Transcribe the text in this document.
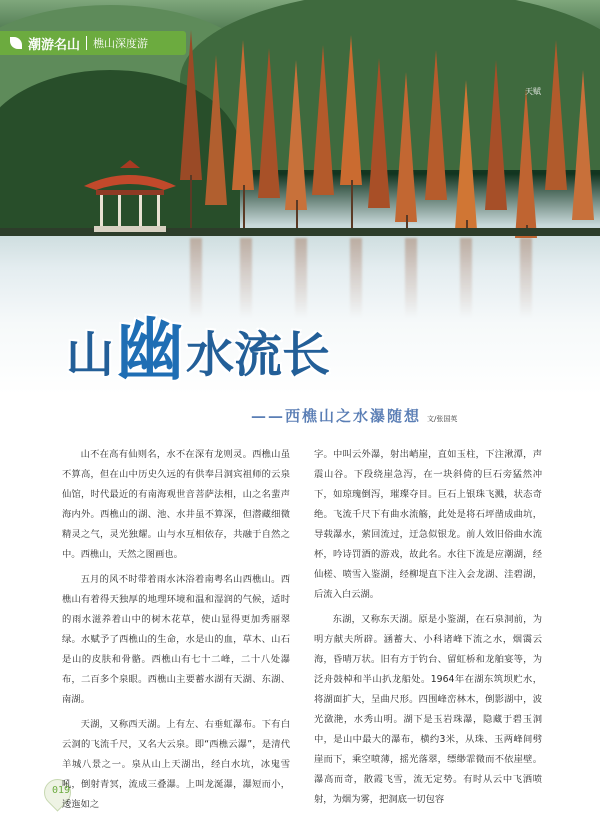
潮游名山 樵山深度游
天赋
山 幽 水流长
——西樵山之水瀑随想 文/张国英

山不在高有仙则名，水不在深有龙则灵。西樵山虽不算高，但在山中历史久远的有供奉吕洞宾祖师的云泉仙馆，时代最近的有南海观世音菩萨法相，山之名蜚声海内外。西樵山的湖、池、水井虽不算深，但潜藏细微精灵之气，灵光独耀。山与水互相依存，共融于自然之中。西樵山，天然之图画也。

五月的风不时带着雨水沐浴着南粤名山西樵山。西樵山有着得天独厚的地理环境和温和湿润的气候，适时的雨水滋养着山中的树木花草，使山显得更加秀丽翠绿。水赋予了西樵山的生命，水是山的血，草木、山石是山的皮肤和骨骼。西樵山有七十二峰，二十八处瀑布，二百多个泉眼。西樵山主要蓄水湖有天湖、东湖、南湖。

天湖，又称西天湖。上有左、右垂虹瀑布。下有白云洞的飞流千尺，又名大云泉。即“西樵云瀑”，是清代羊城八景之一。泉从山上天湖出，经白水坑，冰鬼雪吼，倒射青冥，流成三叠瀑。上叫龙涎瀑，瀑短而小，逶迤如之

字。中叫云外瀑，射出峭崖，直如玉柱，下注湫潭，声震山谷。下段绕崖急泻，在一块斜倚的巨石旁猛然冲下，如琼瑰倒泻，璀璨夺目。巨石上银珠飞溅，状态奇绝。飞流千尺下有曲水流觞，此处是将石坪凿成曲坑，导载瀑水，萦回流过，迂急似银龙。前人效旧俗曲水流杯，吟诗罚酒的游戏，故此名。水往下流是应潮湖，经仙槎、喷雪入鉴湖，经柳堤直下注入会龙湖、洼碧湖，后流入白云湖。

东湖，又称东天湖。原是小鉴湖，在石泉洞前，为明方献夫所辟。涵蓄大、小科诸峰下流之水，烟霭云海，昏晴万状。旧有方于钓台、留虹桥和龙舶宴等，为泛舟鼓棹和半山扒龙船处。1964年在湖东筑坝贮水，将湖面扩大，呈曲尺形。四围峰峦林木，倒影湖中，波光潋滟，水秀山明。湖下是玉岩珠瀑，隐藏于碧玉洞中，是山中最大的瀑布，横约3米，从珠、玉两峰间劈崖而下，乘空喷薄，摇光落翠，缥缈霏微而不依崖壁。瀑高而奇，散霞飞雪，流无定势。有时从云中飞洒喷射，为烟为雾，把洞底一切包容

019
